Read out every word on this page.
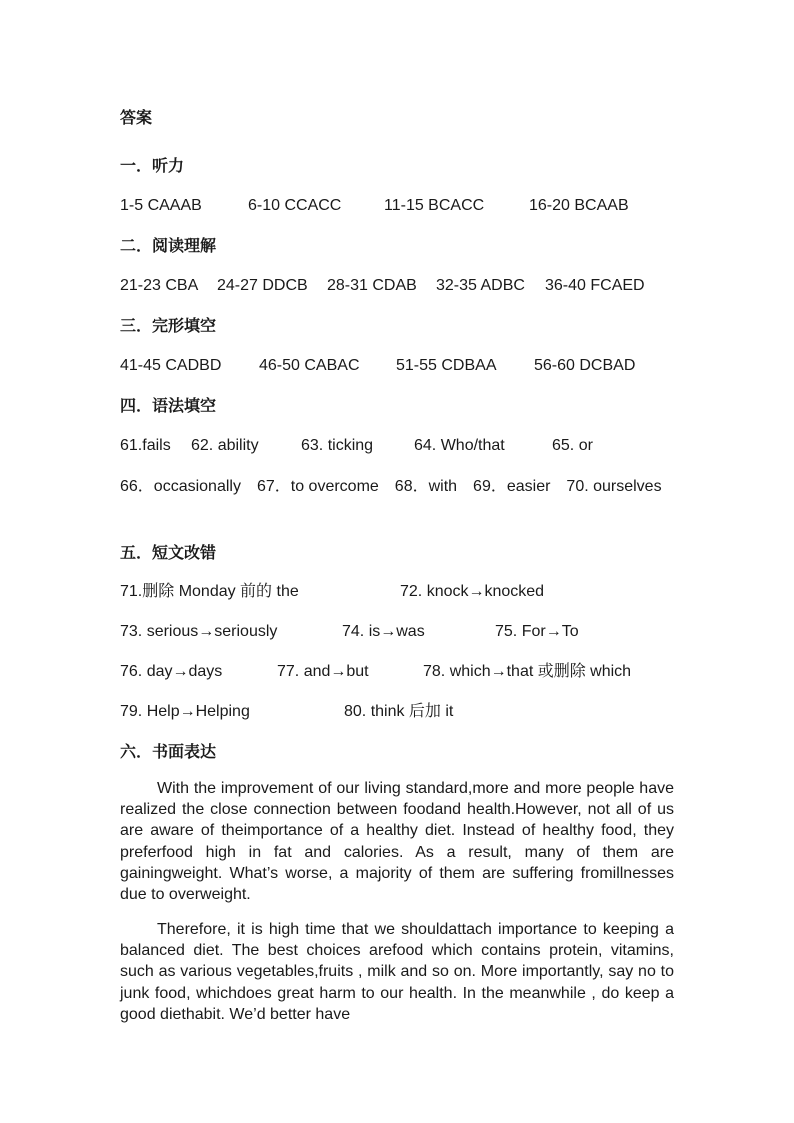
答案
一．听力
1-5 CAAAB	6-10 CCACC	11-15 BCACC	16-20 BCAAB
二．阅读理解
21-23 CBA 24-27 DDCB 28-31 CDAB 32-35 ADBC 36-40 FCAED
三．完形填空
41-45 CADBD 46-50 CABAC 51-55 CDBAA 56-60 DCBAD
四．语法填空
61.fails 62. ability	63. ticking	64. Who/that	65. or
66．occasionally　67．to overcome　68．with　69．easier　70. ourselves
五．短文改错
71.删除 Monday 前的 the	72. knock→knocked
73. serious→seriously	74. is→was	75. For→To
76. day→days	77. and→but	78. which→that 或删除 which
79. Help→Helping	80. think 后加 it
六．书面表达

With the improvement of our living standard,more and more people have realized the close connection between foodand health.However, not all of us are aware of theimportance of a healthy diet. Instead of healthy food, they preferfood high in fat and calories. As a result, many of them are gainingweight. What’s worse, a majority of them are suffering fromillnesses due to overweight.

Therefore, it is high time that we shouldattach importance to keeping a balanced diet. The best choices arefood which contains protein, vitamins, such as various vegetables,fruits , milk and so on. More importantly, say no to junk food, whichdoes great harm to our health. In the meanwhile , do keep a good diethabit. We’d better have
